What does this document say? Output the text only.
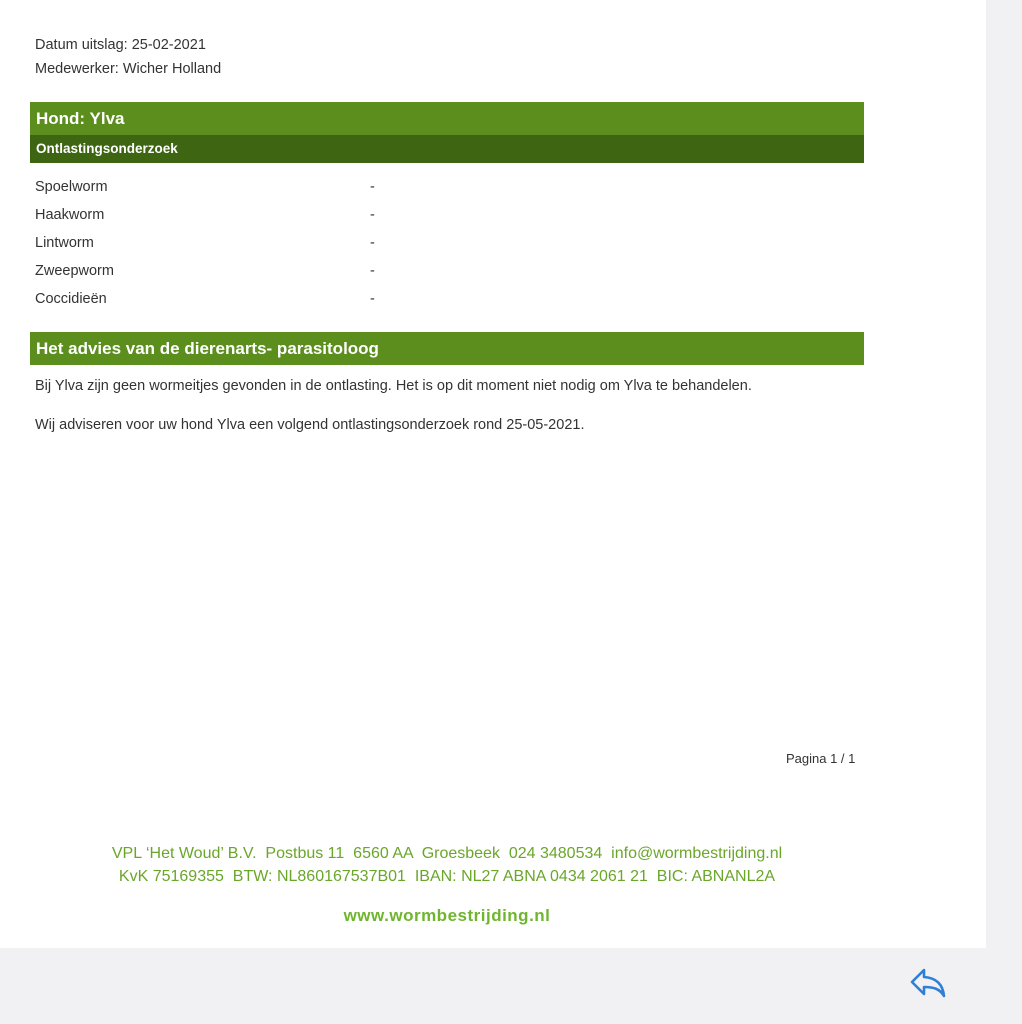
Datum uitslag: 25-02-2021
Medewerker: Wicher Holland
Hond: Ylva
Ontlastingsonderzoek
Spoelworm	-
Haakworm	-
Lintworm	-
Zweepworm	-
Coccidieën	-
Het advies van de dierenarts- parasitoloog
Bij Ylva zijn geen wormeitjes gevonden in de ontlasting. Het is op dit moment niet nodig om Ylva te behandelen.
Wij adviseren voor uw hond Ylva een volgend ontlastingsonderzoek rond 25-05-2021.
Pagina 1 / 1
VPL ‘Het Woud’ B.V.  Postbus 11  6560 AA  Groesbeek  024 3480534  info@wormbestrijding.nl
KvK 75169355  BTW: NL860167537B01  IBAN: NL27 ABNA 0434 2061 21  BIC: ABNANL2A
www.wormbestrijding.nl
